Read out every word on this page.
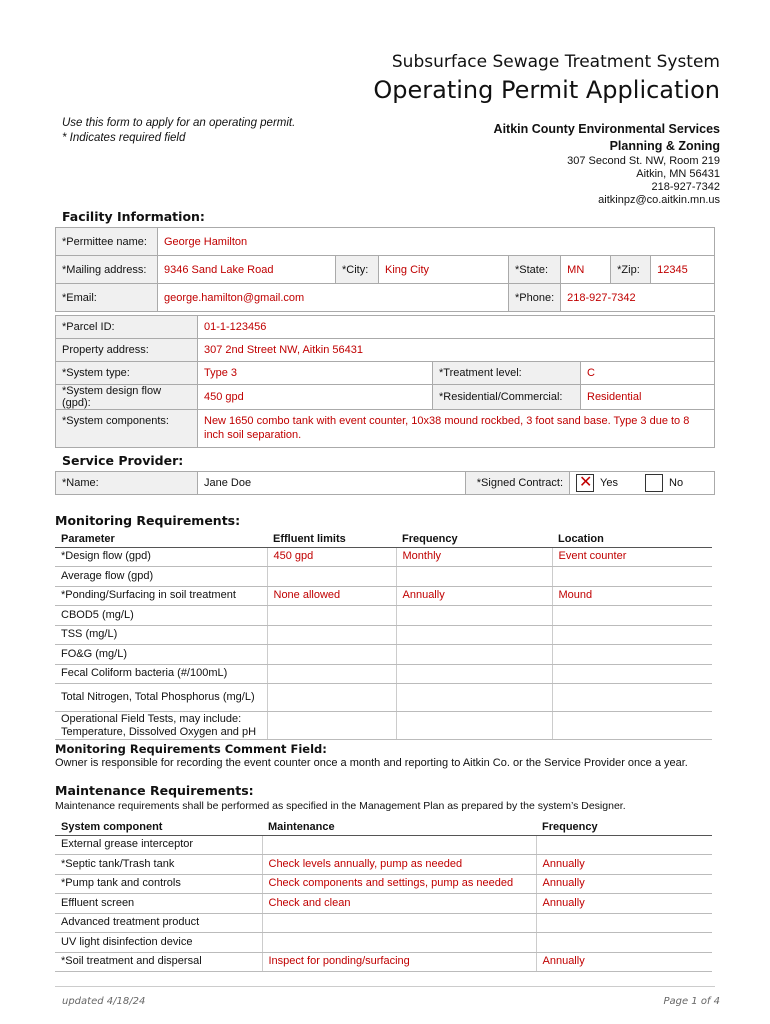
Subsurface Sewage Treatment System
Operating Permit Application
Use this form to apply for an operating permit.
* Indicates required field
Aitkin County Environmental Services
Planning & Zoning
307 Second St. NW, Room 219
Aitkin, MN 56431
218-927-7342
aitkinpz@co.aitkin.mn.us
Facility Information:
*Permittee name:	George Hamilton						
*Mailing address:	9346 Sand Lake Road	*City:	King City	*State:	MN	*Zip:	12345
*Email:	george.hamilton@gmail.com			*Phone:	218-927-7342		
*Parcel ID:	01-1-123456		
Property address:	307 2nd Street NW, Aitkin 56431		
*System type:	Type 3	*Treatment level:	C
*System design flow (gpd):	450 gpd	*Residential/Commercial:	Residential
*System components:	New 1650 combo tank with event counter, 10x38 mound rockbed, 3 foot sand base. Type 3 due to 8 inch soil separation.		
Service Provider:
*Name:	Jane Doe	*Signed Contract:	✕ Yes	No
Monitoring Requirements:
Parameter	Effluent limits	Frequency	Location
*Design flow (gpd)	450 gpd	Monthly	Event counter
Average flow (gpd)			
*Ponding/Surfacing in soil treatment	None allowed	Annually	Mound
CBOD5 (mg/L)			
TSS (mg/L)			
FO&G (mg/L)			
Fecal Coliform bacteria (#/100mL)			
Total Nitrogen, Total Phosphorus (mg/L)			
Operational Field Tests, may include: Temperature, Dissolved Oxygen and pH			
Monitoring Requirements Comment Field:
Owner is responsible for recording the event counter once a month and reporting to Aitkin Co. or the Service Provider once a year.
Maintenance Requirements:
Maintenance requirements shall be performed as specified in the Management Plan as prepared by the system’s Designer.
System component	Maintenance	Frequency
External grease interceptor		
*Septic tank/Trash tank	Check levels annually, pump as needed	Annually
*Pump tank and controls	Check components and settings, pump as needed	Annually
Effluent screen	Check and clean	Annually
Advanced treatment product		
UV light disinfection device		
*Soil treatment and dispersal	Inspect for ponding/surfacing	Annually
updated 4/18/24	Page 1 of 4
